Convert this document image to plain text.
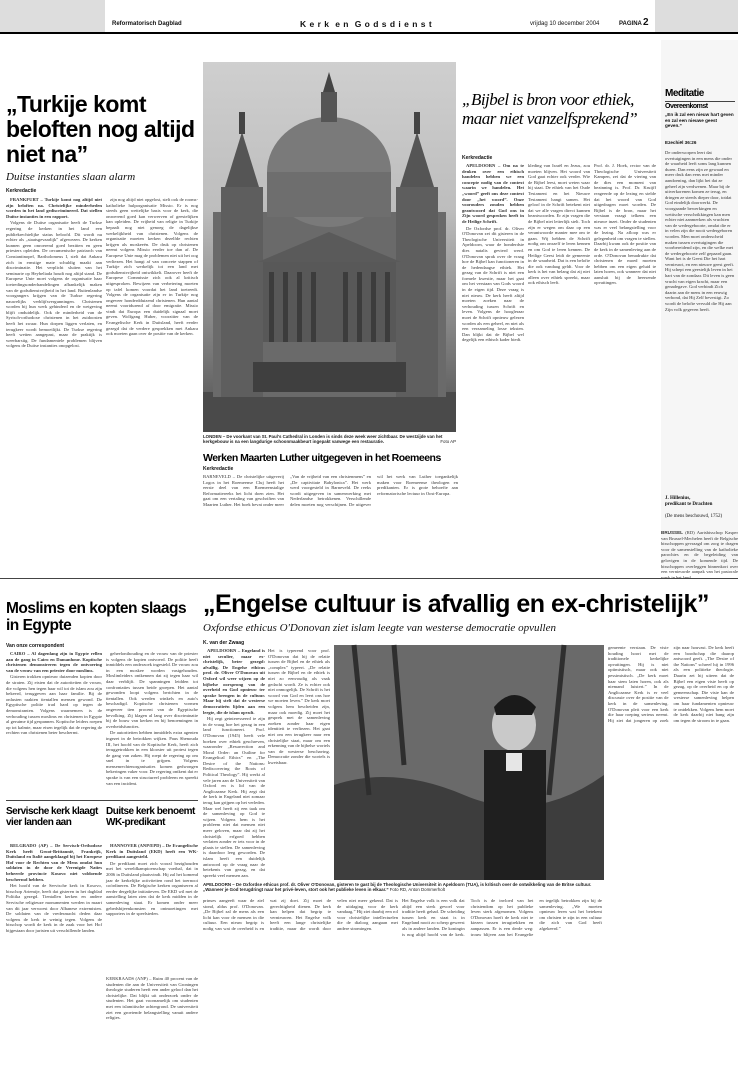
Reformatorisch Dagblad	K e r k  e n  G o d s d i e n s t	vrijdag 10 december 2004	PAGINA 2
„Turkije komt beloften nog altijd niet na”
Duitse instanties slaan alarm
Kerkredactie

FRANKFURT – Turkije komt nog altijd niet zijn beloften na. Christelijke minderheden worden in het land gediscrimineerd. Dat stellen Duitse instanties in een rapport.

Volgens de Duitse organisatie heeft de Turkse regering de kerken in het land een publiekrechtelijke status beloofd. Dit wordt nu echter als „staatsgevaarlijk” afgewezen. De kerken kunnen geen onroerend goed bezitten en geen priesters opleiden. De oecumenische patriarch van Constantinopel, Bartholomeus I, stelt dat Ankara zich in ernstige mate schuldig maakt aan discriminatie. Het verplicht sluiten van het seminarie op Heybeliada houdt nog altijd stand. De Europese Unie moet volgens de organisatie haar toetredingsonderhandelingen afhankelijk maken van de godsdienstvrijheid in het land. Buitenlandse voorgangers krijgen van de Turkse regering nauwelijks verblijfsvergunningen. Christenen worden bij hun werk gehinderd en de wetgeving blijft onduidelijk. Ook de minderheid van de Syrisch-orthodoxe christenen in het zuidoosten heeft het zwaar. Hun dorpen liggen verlaten, en terugkeer wordt bemoeilijkt. De Turkse regering heeft wetten aangepast, maar de praktijk is weerbarstig. De fundamentele problemen blijven volgens de Duitse instanties onopgelost.

zijn nog altijd niet opgelost, stelt ook de rooms-katholieke hulporganisatie Missio. Er is nog steeds geen wettelijke basis voor de kerk, die onroerend goed kan verwerven of geestelijken kan opleiden. De vrijheid van religie in Turkije bepaalt nog niet genoeg de dagelijkse werkelijkheid van christenen. Volgens de organisatie moeten kerken dezelfde rechten krijgen als moskeeën. De druk op christenen neemt volgens Missio eerder toe dan af. De Europese Unie mag de problemen niet uit het oog verliezen. Het hangt af van concrete stappen of Turkije zich werkelijk tot een land met godsdienstvrijheid ontwikkelt. Daarover heeft de Europese Commissie zich ook al kritisch uitgesproken. Bewijzen van verbetering moeten op tafel komen voordat het land toetreedt. Volgens de organisatie zijn er in Turkije nog ongeveer honderdduizend christenen. Hun aantal neemt voortdurend af door emigratie. Missio vindt dat Europa een duidelijk signaal moet geven. Wolfgang Huber, voorzitter van de Evangelische Kerk in Duitsland, heeft eerder gezegd dat de verdere gesprekken met Ankara ook moeten gaan over de positie van de kerken.

LONDEN – De voorkant van St. Paul's Cathedral in Londen is sinds deze week weer zichtbaar. De westzijde van het kerkgebouw is na een langdurige schoonmaakbeurt ingepakt vanwege een restauratie.	Foto AP
Werken Maarten Luther uitgegeven in het Roemeens
Kerkredactie
BARNEVELD – De christelijke uitgeverij Logos in het Roemeense Cluj heeft het eerste deel van een Roemeenstalige Reformatiereeks het licht doen zien. Het gaat om een vertaling van geschriften van Maarten Luther. Het boek bevat onder meer „Van de vrijheid van een christenmens” en „De captivitate Babylonica”. Het werk werd voorgesteld in Barneveld. De reeks wordt uitgegeven in samenwerking met Nederlandse betrokkenen. Verschillende delen moeten nog verschijnen. De uitgever wil het werk van Luther toegankelijk maken voor Roemeense theologen en predikanten. Er is grote behoefte aan reformatorische lectuur in Oost-Europa.
„Bijbel is bron voor ethiek, maar niet vanzelfsprekend”
Kerkredactie

APELDOORN – Om na te denken over een ethisch handelen hebben we een concepte nodig van de context waarin we handelen. Het „woord” geeft ons deze context door „het woord”. Onze voorouders zouden hebben geantwoord dat God ons in Zijn woord gesproken heeft in de Heilige Schrift.

De Oxfordse prof. dr. Oliver O'Donovan zei dit gisteren in de Theologische Universiteit in Apeldoorn, waar de honderdste dies natalis gevierd werd. O'Donovan sprak over de vraag hoe de Bijbel kan functioneren in de hedendaagse ethiek. Het gezag van de Schrift is niet een formele kwestie, maar het gaat om het verstaan van Gods woord in de eigen tijd. Deze vraag is niet nieuw. De kerk heeft altijd moeten zoeken naar de verhouding tussen Schrift en leven. Volgens de hoogleraar moet de Schrift opnieuw gelezen worden als een geheel, en niet als een verzameling losse teksten. Dan blijkt dat de Bijbel wel degelijk een ethisch kader biedt.

kleding van Israël en Jezus, zou moeten blijven. Het woord van God gaat echter ook verder. Wie de Bijbel leest, moet weten waar hij staat. De ethiek van het Oude Testament en het Nieuwe Testament hangt samen. Het geloof in de Schrift betekent niet dat we alle vragen direct kunnen beantwoorden. Er zijn vragen die de Bijbel niet letterlijk stelt. Toch zijn er wegen om daar op een verantwoorde manier mee om te gaan. Wij hebben de Schrift nodig om onszelf te leren kennen en om God te leren kennen. De Heilige Geest leidt de gemeente in de waarheid. Dat is een belofte die ook vandaag geldt. Voor de kerk is het van belang dat zij niet alleen over ethiek spreekt, maar ook ethisch leeft.
Prof. dr. J. Hoek, rector van de Theologische Universiteit Kampen, zei dat de viering van de dies een moment van bezinning is. Prof. Dr. Kruijff reageerde op de lezing en stelde dat het woord van God uitgedragen moet worden. De Bijbel is de bron, maar het verstaan vraagt telkens een nieuwe inzet. Onder de studenten was er veel belangstelling voor de lezing. Na afloop was er gelegenheid om vragen te stellen. Daarbij kwam ook de positie van de kerk in de samenleving aan de orde. O'Donovan benadrukte dat christenen de moed moeten hebben om een eigen geluid te laten horen, ook wanneer dat niet aansluit bij de heersende opvattingen.
Meditatie
Overeenkomst
„En ik zal een nieuw hart geven en zal een nieuwe geest geven.”
Ezechiël 36:26
De onderworpen leert dat overtuigingen in een mens die onder de waarheid leeft soms lang kunnen duren. Dan eens zijn ze gewaad en meer druk dan eens met minder aandoening, dan lijkt het dat ze geheel zijn verdwenen. Maar bij de uitverkorenen komen ze terug, en dringen ze steeds dieper door, totdat God eindelijk doorwerkt. De voorgaande bewerkingen en wettische verschrikkingen kan men echter niet aanmerken als vruchten van de wedergeboorte, omdat die er in velen zijn die nooit wedergeboren worden. Men moet onderscheid maken tussen overtuigingen die voorbereidend zijn, en die welke met de wedergeboorte zelf gepaard gaan. Want het is de Geest Die het hart vernieuwt, en een nieuwe geest geeft. Hij schept een geestelijk leven in het hart van de zondaar. Dit leven is geen vrucht van eigen kracht, maar een genadegave. God verbindt Zich daarin aan de mens in een eeuwig verbond, dat Hij Zelf bevestigt. Zo wordt de belofte vervuld die Hij aan Zijn volk gegeven heeft.
J. Hillenius,
predikant te Drachten
(De mens beschouwd, 1752)
BRUSSEL (RD) Aartsbisschop Kasper van Brussel-Mechelen heeft de Belgische bisschoppen gevraagd om zorg te dragen voor de samenstelling van de katholieke parochies en de begeleiding van gelovigen in de komende tijd. De bisschoppen overleggen binnenkort over een vernieuwde aanpak van het pastorale
Moslims en kopten slaags in Egypte
Van onze correspondent

CAIRO – Al dagenlang zijn in Egypte rellen aan de gang in Cairo en Damanhour. Koptische christenen demonstreren tegen de ontvoering van de vrouw van een priester door moslims.

Gisteren trokken opnieuw duizenden kopten door de straten. Zij eisten dat de autoriteiten de vrouw, die volgens hen tegen haar wil tot de islam zou zijn bekeerd, teruggeven aan haar familie. Bij de onlusten raakten tientallen mensen gewond. De Egyptische politie trad hard op tegen de demonstranten. Volgens waarnemers is de verhouding tussen moslims en christenen in Egypte al geruime tijd gespannen. Koptische leiders roepen op tot kalmte, maar eisen tegelijk dat de regering de rechten van christenen beter beschermt.

geheelonthouding en de vrouw van de priester is volgens de kopten ontvoerd. De politie heeft inmiddels een onderzoek ingesteld. De vrouw zou in een moskee worden vastgehouden. Moslimleiders ontkennen dat zij tegen haar wil daar verblijft. De spanningen leidden tot confrontaties tussen beide groepen. Het aantal gewonden loopt volgens berichten in de tientallen. Ook werden winkels en auto's beschadigd. Koptische christenen vormen ongeveer tien procent van de Egyptische bevolking. Zij klagen al lang over discriminatie bij de bouw van kerken en bij benoemingen in overheidsfuncties.

De autoriteiten hebben inmiddels extra agenten ingezet in de betrokken wijken. Paus Shenouda III, het hoofd van de Koptische Kerk, heeft zich teruggetrokken in een klooster uit protest tegen de gang van zaken. Hij roept de regering op om snel in te grijpen. Volgens mensenrechtenorganisaties komen gedwongen bekeringen vaker voor. De regering ontkent dat er sprake is van een structureel probleem en spreekt van een incident.

Servische kerk klaagt vier landen aan

BELGRADO (AP) – De Servisch-Orthodoxe Kerk heeft Groot-Brittannië, Frankrijk, Duitsland en Italië aangeklaagd bij het Europese Hof voor de Rechten van de Mens omdat hun soldaten in de door de Verenigde Naties beheerde provincie Kosovo niet voldoende beschermd hebben.

Het hoofd van de Servische kerk in Kosovo, bisschop Artemije, heeft dat gisteren in het dagblad Politika gezegd. Tientallen kerken en andere Servische religieuze monumenten werden in maart van dit jaar verwoest door Albanese extremisten. De soldaten van de vredesmacht deden daar volgens de kerk te weinig tegen. Volgens de bisschop wordt de kerk in de zaak voor het Hof bijgestaan door juristen uit verschillende landen.

Duitse kerk benoemt WK-predikant

HANNOVER (ANP/EPD) – De Evangelische Kerk in Duitsland (EKD) heeft een WK-predikant aangesteld.

De predikant moet zich vooral bezighouden met het wereldkampioenschap voetbal, dat in 2006 in Duitsland plaatsvindt. Hij zal het komend jaar de kerkelijke activiteiten rond het toernooi coördineren. De Belgische kerken organiseren al eerder dergelijke initiatieven. De EKD wil met de aanstelling laten zien dat de kerk midden in de samenleving staat. Er komen onder meer gebedsbijeenkomsten en ontmoetingen met supporters in de speelsteden.

KERKRAADS (ANP) – Ruim 40 procent van de studenten die aan de Universiteit van Groningen theologie studeren heeft een ander geloof dan het christelijke. Dat blijkt uit onderzoek onder de studenten. Het gaat voornamelijk om studenten met een islamitische achtergrond. De universiteit ziet een groeiende belangstelling vanuit andere religies.
„Engelse cultuur is afvallig en ex-christelijk”
Oxfordse ethicus O'Donovan ziet islam leegte van westerse democratie opvullen
K. van der Zwaag

APELDOORN – Engeland is niet seculier, maar ex-christelijk, beter gezegd: afvallig. De Engelse ethicus prof. dr. Oliver O'Donovan uit Oxford wil weer wijzen op de bijbelse oorsprong van de overheid en God opnieuw ter sprake brengen in de cultuur. Maar hij stelt dat de westerse democratieën lijden aan een leegte, die de islam opvult.

Hij zegt geinteresseerd te zijn in de vraag hoe het gezag in een land functioneert. Prof. O'Donovan (1945) heeft vele boeken over ethiek geschreven, waaronder „Resurrection and Moral Order: an Outline for Evangelical Ethics” en „The Desire of the Nations: Rediscovering the Roots of Political Theology”. Hij werkt al vele jaren aan de Universiteit van Oxford en is lid van de Anglicaanse Kerk. Hij zegt dat de kerk in Engeland niet zomaar terug kan grijpen op het verleden. Maar wel heeft zij een taak om de samenleving op God te wijzen. Volgens hem is het probleem niet dat mensen niet meer geloven, maar dat zij het christelijk erfgoed hebben verlaten zonder er iets voor in de plaats te stellen. De samenleving is daardoor leeg geworden. De islam heeft een duidelijk antwoord op de vraag naar de betekenis van gezag, en dat spreekt veel mensen aan.

Het is typerend voor prof. O'Donovan dat hij de relatie tussen de Bijbel en de ethiek als „complex” typeert. „De relatie tussen de Bijbel en de ethiek is niet zo eenvoudig als vaak gedacht wordt. Ze is echter ook niet onmogelijk. De Schrift is het woord van God en leert ons hoe we moeten leven.” De kerk moet volgens hem bescheiden zijn, maar ook moedig. Zij moet het gesprek met de samenleving zoeken zonder haar eigen identiteit te verliezen. Het gaat niet om een terugkeer naar een christelijke staat, maar om een erkenning van de bijbelse wortels van de westerse beschaving. Democratie zonder die wortels is kwetsbaar.
APELDOORN – De Oxfordse ethicus prof. dr. Oliver O'Donovan, gisteren te gast bij de Theologische Universiteit in Apeldoorn (TUA), is kritisch over de ontwikkeling van de Britse cultuur. „Wanneer je God terugdringt naar het privé-leven, stort ook het publieke leven in elkaar.” Foto RD, Anton Dommerholt
prinses aangeeft waar de ziel stond, aldus prof. O'Donovan. „De Bijbel zal de mens als een licht kan voor de mensen in die cultuur. Een nieuw begrip is nodig van wat de overheid is en wat zij doet. Zij moet de gerechtigheid dienen. De kerk kan helpen dat begrip te vernieuwen. Het Engelse volk heeft een lange christelijke traditie, maar die wordt door velen niet meer gekend. Dat is de uitdaging voor de kerk vandaag.” Hij ziet daarbij een rol voor christelijke intellectuelen die de dialoog aangaan met andere stromingen.
Het Engelse volk is een volk dat altijd een sterk gevoel voor traditie heeft gehad. De scheiding tussen kerk en staat is in Engeland nooit zo scherp geweest als in andere landen. De koningin is nog altijd hoofd van de kerk. Toch is de invloed van het christendom op het publieke leven sterk afgenomen. Volgens O'Donovan hoeft de kerk niet te kiezen tussen terugtrekken en aanpassen. Er is een derde weg: trouw blijven aan het Evangelie en tegelijk betrokken zijn bij de samenleving. „We moeten opnieuw leren wat het betekent om christen te zijn in een cultuur die zich van God heeft afgekeerd.”
gemeente verstaan. De visie houding hoort met de traditionele kerkelijke opvattingen. Hij is niet optimistisch, maar ook niet pessimistisch. „De kerk moet haar stem laten horen, ook als niemand luistert.” In de Anglicaanse Kerk is er veel discussie over de positie van de kerk in de samenleving. O'Donovan pleit voor een kerk die haar roeping serieus neemt. Hij ziet dat jongeren op zoek zijn naar houvast. De kerk heeft een boodschap die daarop antwoord geeft. „The Desire of the Nations” schreef hij in 1996 als een politieke theologie. Daarin zet hij uiteen dat de Bijbel een eigen visie heeft op gezag, op de overheid en op de gemeenschap. Die visie kan de westerse samenleving helpen om haar fundamenten opnieuw te ontdekken. Volgens hem moet de kerk daarbij niet bang zijn om tegen de stroom in te gaan.
